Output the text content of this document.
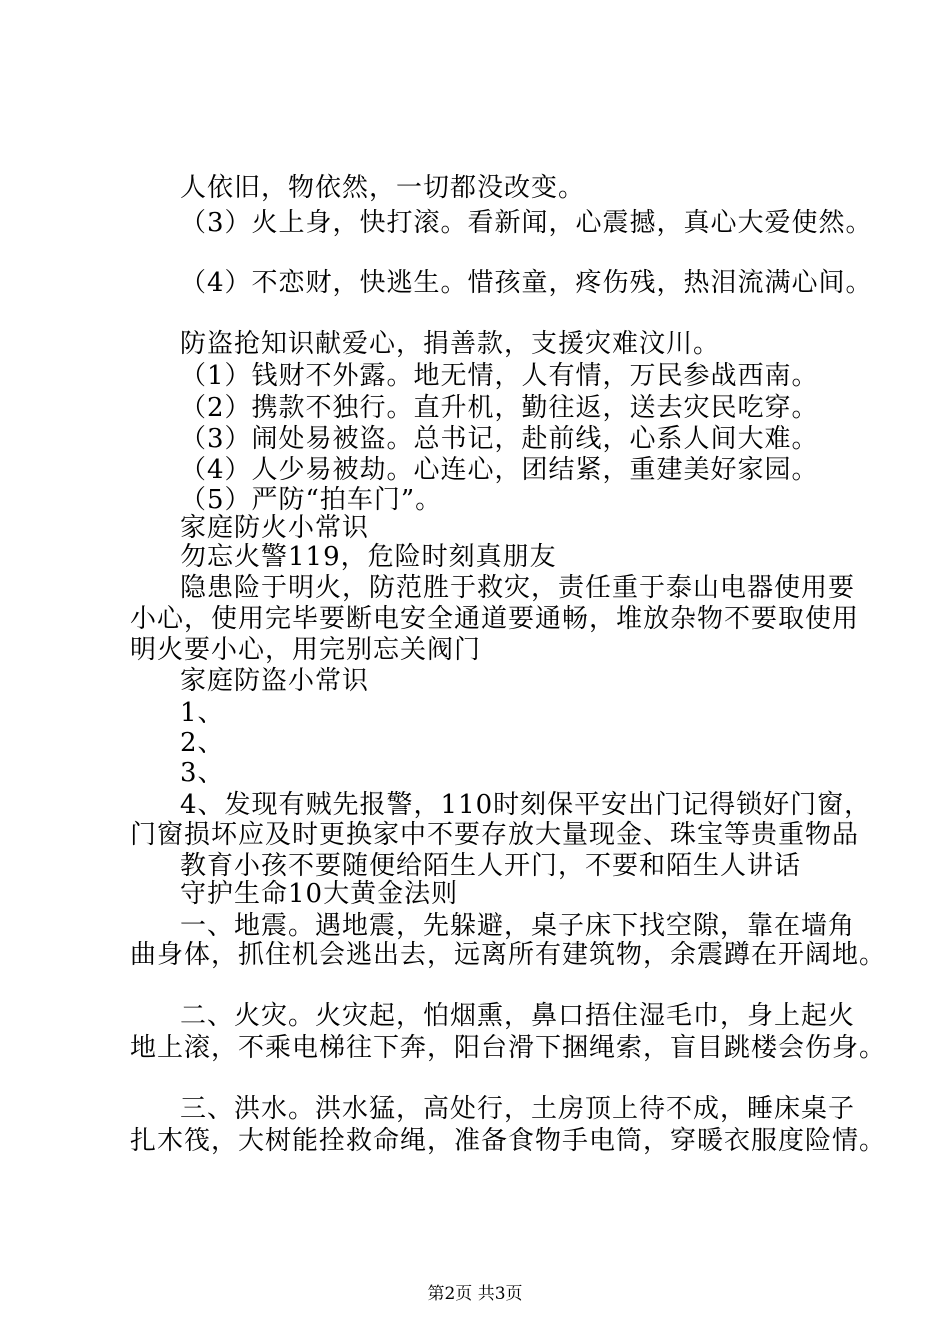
人依旧，物依然，一切都没改变。
（3）火上身，快打滚。看新闻，心震撼，真心大爱使然。
（4）不恋财，快逃生。惜孩童，疼伤残，热泪流满心间。
防盗抢知识献爱心，捐善款，支援灾难汶川。
（1）钱财不外露。地无情，人有情，万民参战西南。
（2）携款不独行。直升机，勤往返，送去灾民吃穿。
（3）闹处易被盗。总书记，赴前线，心系人间大难。
（4）人少易被劫。心连心，团结紧，重建美好家园。
（5）严防“拍车门”。
家庭防火小常识
勿忘火警119，危险时刻真朋友
隐患险于明火，防范胜于救灾，责任重于泰山电器使用要
小心，使用完毕要断电安全通道要通畅，堆放杂物不要取使用
明火要小心，用完别忘关阀门
家庭防盗小常识
1、
2、
3、
4、发现有贼先报警，110时刻保平安出门记得锁好门窗，
门窗损坏应及时更换家中不要存放大量现金、珠宝等贵重物品
教育小孩不要随便给陌生人开门，不要和陌生人讲话
守护生命10大黄金法则
一、地震。遇地震，先躲避，桌子床下找空隙，靠在墙角
曲身体，抓住机会逃出去，远离所有建筑物，余震蹲在开阔地。
二、火灾。火灾起，怕烟熏，鼻口捂住湿毛巾，身上起火
地上滚，不乘电梯往下奔，阳台滑下捆绳索，盲目跳楼会伤身。
三、洪水。洪水猛，高处行，土房顶上待不成，睡床桌子
扎木筏，大树能拴救命绳，准备食物手电筒，穿暖衣服度险情。
第2页 共3页
